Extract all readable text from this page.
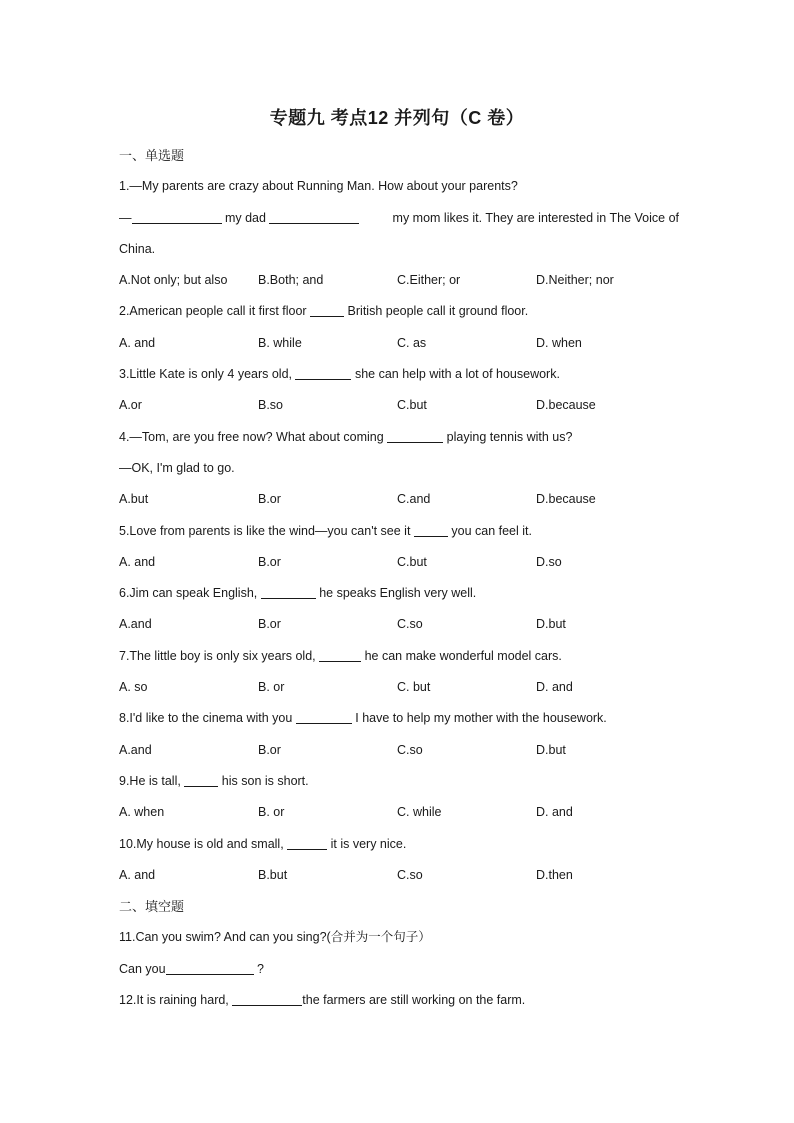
专题九 考点12 并列句（C 卷）
一、单选题
1.—My parents are crazy about Running Man. How about your parents?
—	my dad	my mom likes it. They are interested in The Voice of
China.
A.Not only; but also	B.Both; and	C.Either; or	D.Neither; nor
2.American people call it first floor	British people call it ground floor.
A. and	B. while	C. as	D. when
3.Little Kate is only 4 years old,	she can help with a lot of housework.
A.or	B.so	C.but	D.because
4.—Tom, are you free now? What about coming	playing tennis with us?
—OK, I'm glad to go.
A.but	B.or	C.and	D.because
5.Love from parents is like the wind—you can't see it	you can feel it.
A. and	B.or	C.but	D.so
6.Jim can speak English,	he speaks English very well.
A.and	B.or	C.so	D.but
7.The little boy is only six years old,	he can make wonderful model cars.
A. so	B. or	C. but	D. and
8.I'd like to the cinema with you	I have to help my mother with the housework.
A.and	B.or	C.so	D.but
9.He is tall,	his son is short.
A. when	B. or	C. while	D. and
10.My house is old and small,	it is very nice.
A. and	B.but	C.so	D.then
二、填空题
11.Can you swim? And can you sing?(合并为一个句子）
Can you	?
12.It is raining hard,	the farmers are still working on the farm.
